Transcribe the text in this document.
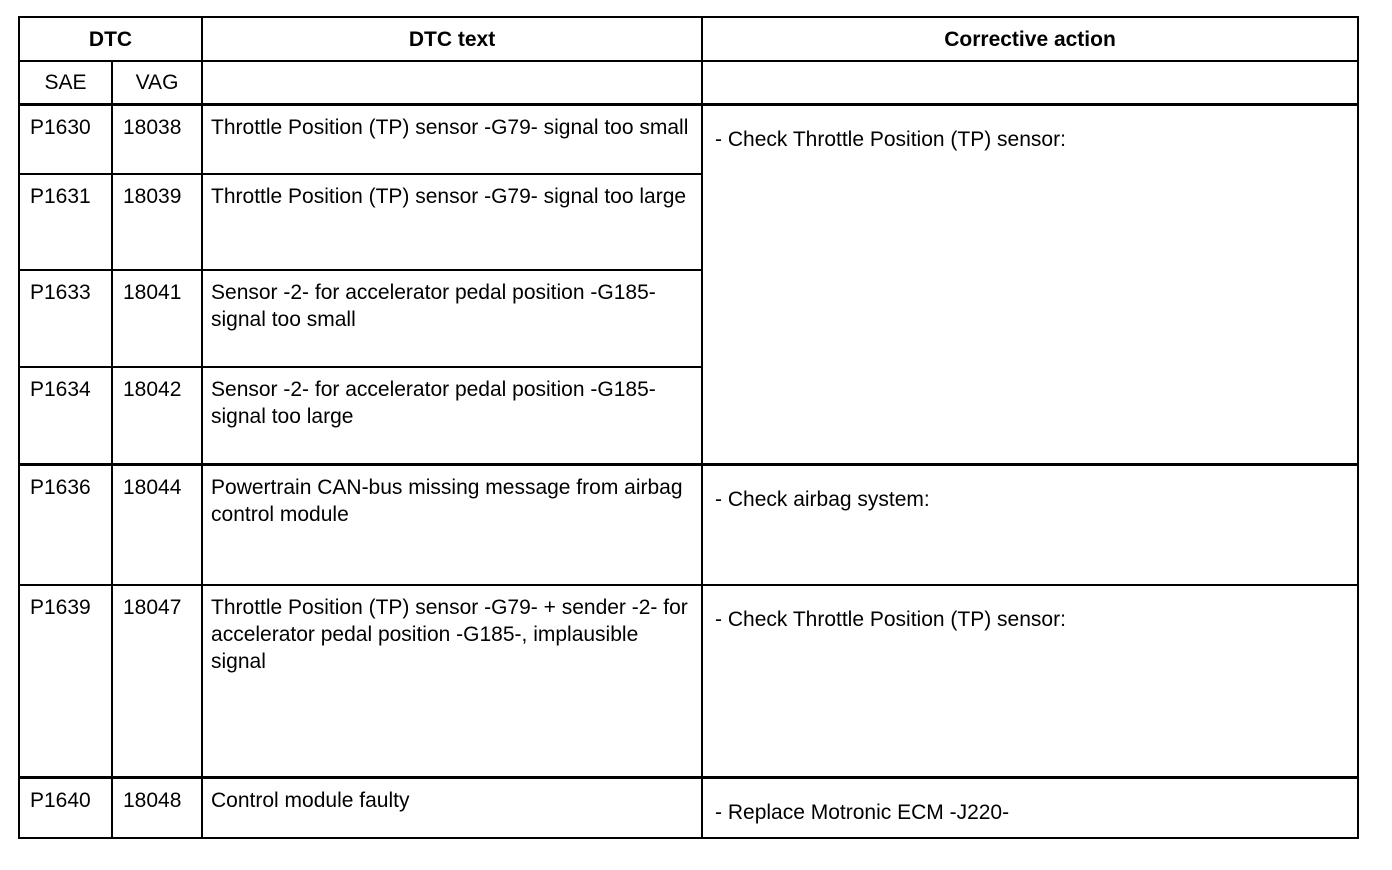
DTC		DTC text	Corrective action
SAE	VAG		
P1630	18038	Throttle Position (TP) sensor -G79- signal too small	- Check Throttle Position (TP) sensor:
P1631	18039	Throttle Position (TP) sensor -G79- signal too large	
P1633	18041	Sensor -2- for accelerator pedal position -G185- signal too small	
P1634	18042	Sensor -2- for accelerator pedal position -G185- signal too large	
P1636	18044	Powertrain CAN-bus missing message from airbag control module	- Check airbag system:
P1639	18047	Throttle Position (TP) sensor -G79- + sender -2- for accelerator pedal position -G185-, implausible signal	- Check Throttle Position (TP) sensor:
P1640	18048	Control module faulty	- Replace Motronic ECM -J220-
